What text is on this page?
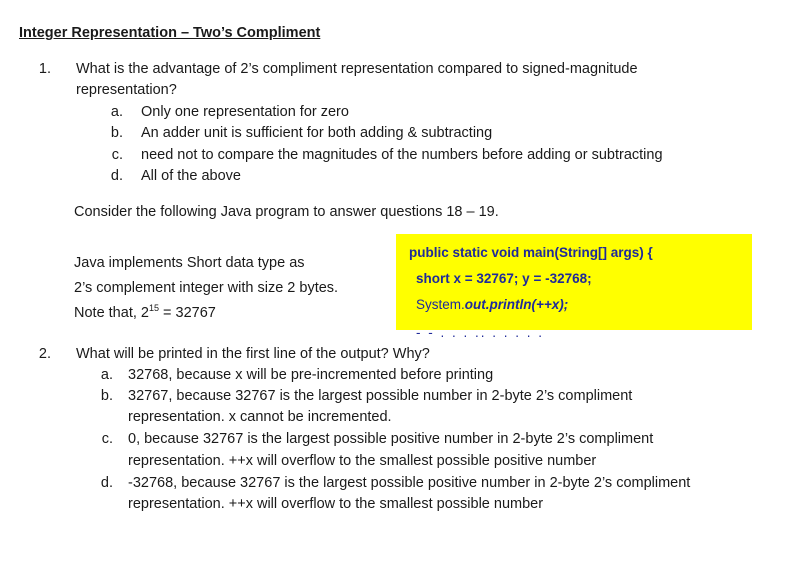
Integer Representation – Two’s Compliment
1. What is the advantage of 2’s compliment representation compared to signed-magnitude
representation?
a. Only one representation for zero
b. An adder unit is sufficient for both adding & subtracting
c. need not to compare the magnitudes of the numbers before adding or subtracting
d. All of the above
Consider the following Java program to answer questions 18 – 19.
Java implements Short data type as
2’s complement integer with size 2 bytes.
Note that, $2^{15} = 32767$
public static void main(String[] args) {
short x = 32767; y = -32768;
System.out.println(++x);
- - . . . .. . . . . .
2. What will be printed in the first line of the output? Why?
a. 32768, because x will be pre-incremented before printing
b. 32767, because 32767 is the largest possible number in 2-byte 2’s compliment
representation. x cannot be incremented.
c. 0, because 32767 is the largest possible positive number in 2-byte 2’s compliment
representation. ++x will overflow to the smallest possible positive number
d. -32768, because 32767 is the largest possible positive number in 2-byte 2’s compliment
representation. ++x will overflow to the smallest possible number
